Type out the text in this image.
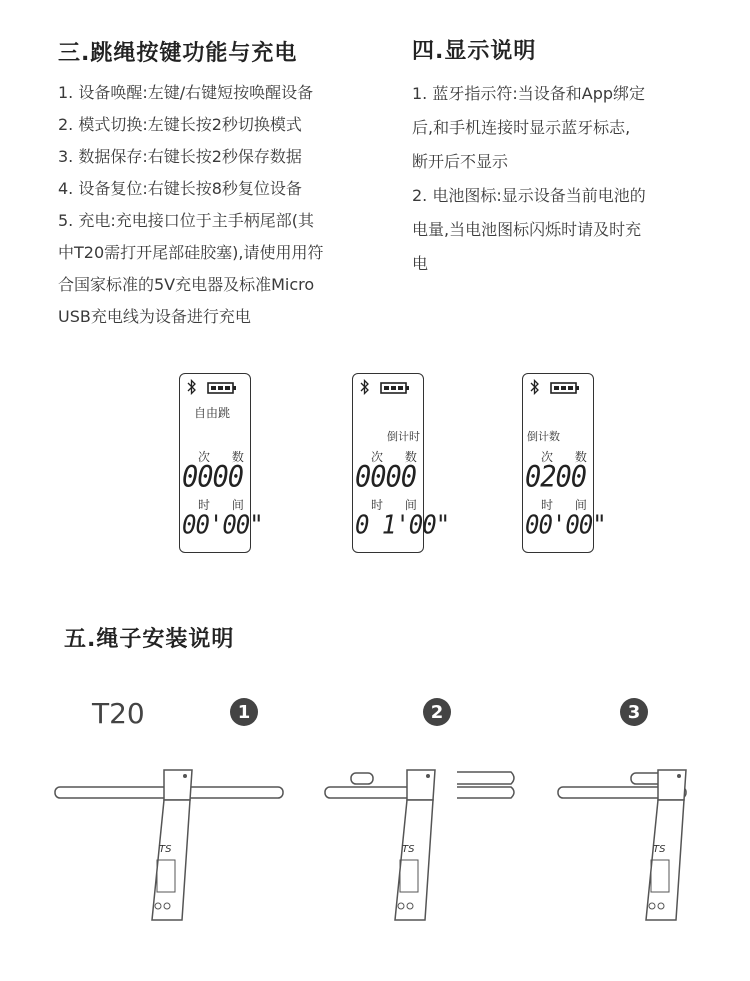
三.跳绳按键功能与充电
1. 设备唤醒:左键/右键短按唤醒设备
2. 模式切换:左键长按2秒切换模式
3. 数据保存:右键长按2秒保存数据
4. 设备复位:右键长按8秒复位设备
5. 充电:充电接口位于主手柄尾部(其
中T20需打开尾部硅胶塞),请使用用符
合国家标准的5V充电器及标准Micro
USB充电线为设备进行充电
四.显示说明

1. 蓝牙指示符:当设备和App绑定

后,和手机连接时显示蓝牙标志,

断开后不显示

2. 电池图标:显示设备当前电池的

电量,当电池图标闪烁时请及时充

电

自由跳
次 数
0000
时 间
00'00"
倒计时
次 数
0000
时 间
0 1'00"
倒计数
次 数
0200
时 间
00'00"
五.绳子安装说明
T20	1	2	3
TS	TS	TS
